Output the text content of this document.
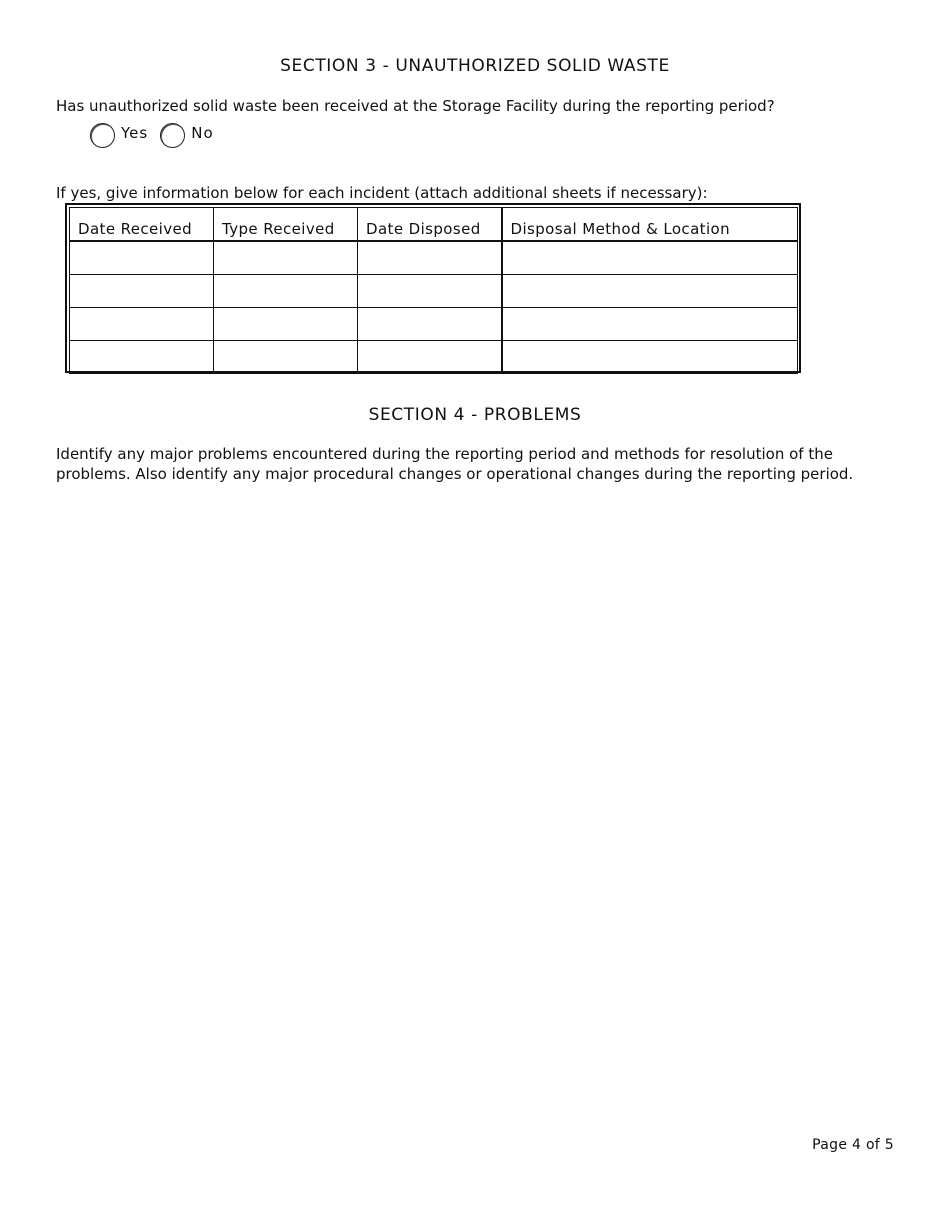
SECTION 3 - UNAUTHORIZED SOLID WASTE
Has unauthorized solid waste been received at the Storage Facility during the reporting period?
Yes	No
If yes, give information below for each incident (attach additional sheets if necessary):
Date Received	Type Received	Date Disposed	Disposal Method & Location

SECTION 4 - PROBLEMS
Identify any major problems encountered during the reporting period and methods for resolution of the problems. Also identify any major procedural changes or operational changes during the reporting period.
Page 4 of 5
